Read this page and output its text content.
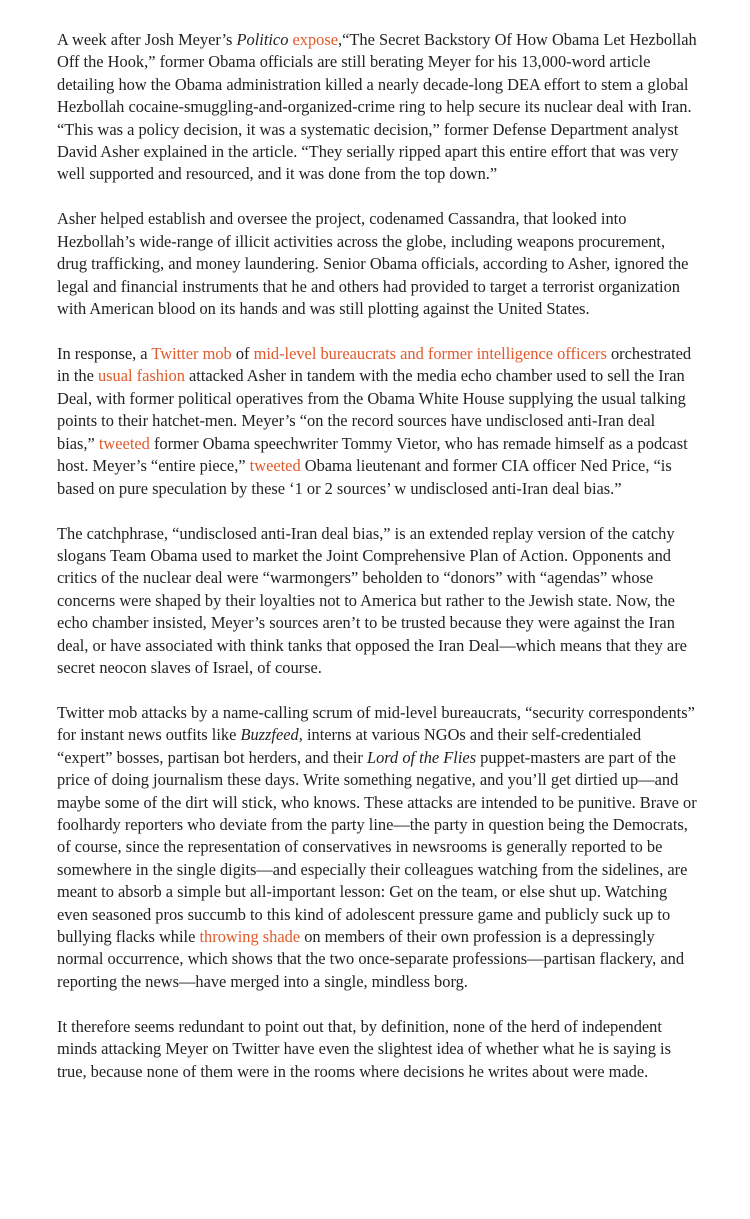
A week after Josh Meyer’s Politico expose,“The Secret Backstory Of How Obama Let Hezbollah Off the Hook,” former Obama officials are still berating Meyer for his 13,000-word article detailing how the Obama administration killed a nearly decade-long DEA effort to stem a global Hezbollah cocaine-smuggling-and-organized-crime ring to help secure its nuclear deal with Iran. “This was a policy decision, it was a systematic decision,” former Defense Department analyst David Asher explained in the article. “They serially ripped apart this entire effort that was very well supported and resourced, and it was done from the top down.”

Asher helped establish and oversee the project, codenamed Cassandra, that looked into Hezbollah’s wide-range of illicit activities across the globe, including weapons procurement, drug trafficking, and money laundering. Senior Obama officials, according to Asher, ignored the legal and financial instruments that he and others had provided to target a terrorist organization with American blood on its hands and was still plotting against the United States.

In response, a Twitter mob of mid-level bureaucrats and former intelligence officers orchestrated in the usual fashion attacked Asher in tandem with the media echo chamber used to sell the Iran Deal, with former political operatives from the Obama White House supplying the usual talking points to their hatchet-men. Meyer’s “on the record sources have undisclosed anti-Iran deal bias,” tweeted former Obama speechwriter Tommy Vietor, who has remade himself as a podcast host. Meyer’s “entire piece,” tweeted Obama lieutenant and former CIA officer Ned Price, “is based on pure speculation by these ‘1 or 2 sources’ w undisclosed anti-Iran deal bias.”

The catchphrase, “undisclosed anti-Iran deal bias,” is an extended replay version of the catchy slogans Team Obama used to market the Joint Comprehensive Plan of Action. Opponents and critics of the nuclear deal were “warmongers” beholden to “donors” with “agendas” whose concerns were shaped by their loyalties not to America but rather to the Jewish state. Now, the echo chamber insisted, Meyer’s sources aren’t to be trusted because they were against the Iran deal, or have associated with think tanks that opposed the Iran Deal—which means that they are secret neocon slaves of Israel, of course.

Twitter mob attacks by a name-calling scrum of mid-level bureaucrats, “security correspondents” for instant news outfits like Buzzfeed, interns at various NGOs and their self-credentialed “expert” bosses, partisan bot herders, and their Lord of the Flies puppet-masters are part of the price of doing journalism these days. Write something negative, and you’ll get dirtied up—and maybe some of the dirt will stick, who knows. These attacks are intended to be punitive. Brave or foolhardy reporters who deviate from the party line—the party in question being the Democrats, of course, since the representation of conservatives in newsrooms is generally reported to be somewhere in the single digits—and especially their colleagues watching from the sidelines, are meant to absorb a simple but all-important lesson: Get on the team, or else shut up. Watching even seasoned pros succumb to this kind of adolescent pressure game and publicly suck up to bullying flacks while throwing shade on members of their own profession is a depressingly normal occurrence, which shows that the two once-separate professions—partisan flackery, and reporting the news—have merged into a single, mindless borg.

It therefore seems redundant to point out that, by definition, none of the herd of independent minds attacking Meyer on Twitter have even the slightest idea of whether what he is saying is true, because none of them were in the rooms where decisions he writes about were made.
